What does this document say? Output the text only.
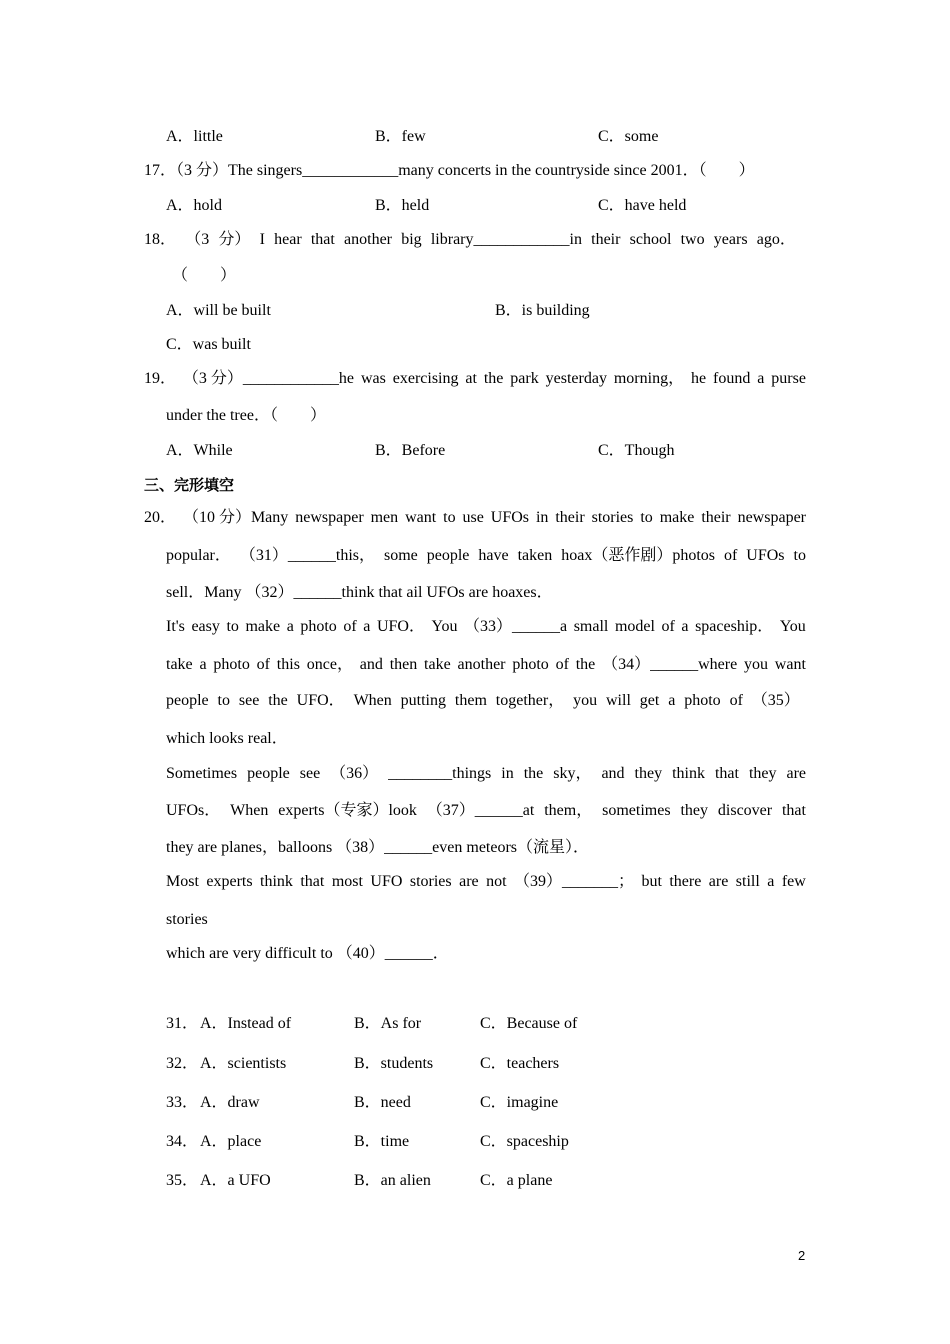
A．little	B．few	C．some
17．（3 分）The singers____________many concerts in the countryside since 2001．（　　）
A．hold	B．held	C．have held
18． （3 分） I hear that another big library____________in their school two years ago．
（　　）
A．will be built	B．is building
C．was built
19． （3 分）____________he was exercising at the park yesterday morning， he found a purse
under the tree．（　　）
A．While	B．Before	C．Though
三、完形填空
20． （10 分）Many newspaper men want to use UFOs in their stories to make their newspaper
popular． （31）______this， some people have taken hoax（恶作剧）photos of UFOs to
sell．Many （32）______think that ail UFOs are hoaxes．
It's easy to make a photo of a UFO． You （33）______a small model of a spaceship． You
take a photo of this once， and then take another photo of the （34）______where you want
people to see the UFO． When putting them together， you will get a photo of （35）
which looks real．
Sometimes people see （36） ________things in the sky， and they think that they are
UFOs． When experts（专家）look （37）______at them， sometimes they discover that
they are planes，balloons （38）______even meteors（流星）．
Most experts think that most UFO stories are not （39）_______； but there are still a few
stories
which are very difficult to （40）______．
31． A．Instead of	B．As for	C．Because of
32． A．scientists	B．students	C．teachers
33． A．draw	B．need	C．imagine
34． A．place	B．time	C．spaceship
35． A．a UFO	B．an alien	C．a plane
2
